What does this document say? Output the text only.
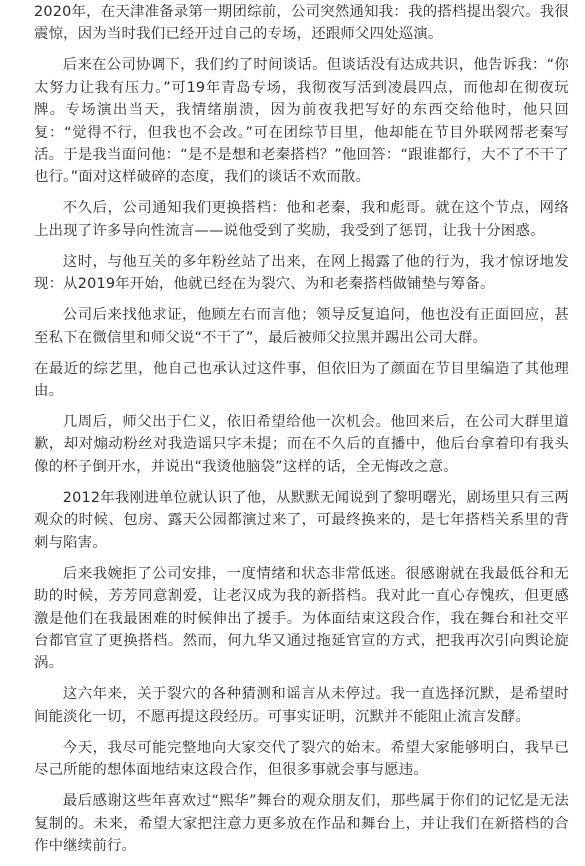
2020年，在天津准备录第一期团综前，公司突然通知我：我的搭档提出裂穴。我很震惊，因为当时我们已经开过自己的专场，还跟师父四处巡演。

后来在公司协调下，我们约了时间谈话。但谈话没有达成共识，他告诉我：“你太努力让我有压力。”可19年青岛专场，我彻夜写活到凌晨四点，而他却在彻夜玩牌。专场演出当天，我情绪崩溃，因为前夜我把写好的东西交给他时，他只回复：“觉得不行，但我也不会改。”可在团综节目里，他却能在节目外联网帮老秦写活。于是我当面问他：“是不是想和老秦搭档？”他回答：“跟谁都行，大不了不干了也行。”面对这样破碎的态度，我们的谈话不欢而散。

不久后，公司通知我们更换搭档：他和老秦，我和彪哥。就在这个节点，网络上出现了许多导向性流言——说他受到了奖励，我受到了惩罚，让我十分困惑。

这时，与他互关的多年粉丝站了出来，在网上揭露了他的行为，我才惊讶地发现：从2019年开始，他就已经在为裂穴、为和老秦搭档做铺垫与筹备。

公司后来找他求证，他顾左右而言他；领导反复追问，他也没有正面回应，甚至私下在微信里和师父说“不干了”，最后被师父拉黑并踢出公司大群。

在最近的综艺里，他自己也承认过这件事，但依旧为了颜面在节目里编造了其他理由。

几周后，师父出于仁义，依旧希望给他一次机会。他回来后，在公司大群里道歉，却对煽动粉丝对我造谣只字未提；而在不久后的直播中，他后台拿着印有我头像的杯子倒开水，并说出“我烫他脑袋”这样的话，全无悔改之意。

2012年我刚进单位就认识了他，从默默无闻说到了黎明曙光，剧场里只有三两观众的时候、包房、露天公园都演过来了，可最终换来的，是七年搭档关系里的背刺与陷害。

后来我婉拒了公司安排，一度情绪和状态非常低迷。很感谢就在我最低谷和无助的时候，芳芳同意割爱，让老汉成为我的新搭档。我对此一直心存愧疚，但更感激是他们在我最困难的时候伸出了援手。为体面结束这段合作，我在舞台和社交平台都官宣了更换搭档。然而，何九华又通过拖延官宣的方式，把我再次引向舆论旋涡。

这六年来，关于裂穴的各种猜测和谣言从未停过。我一直选择沉默，是希望时间能淡化一切，不愿再提这段经历。可事实证明，沉默并不能阻止流言发酵。

今天，我尽可能完整地向大家交代了裂穴的始末。希望大家能够明白，我早已尽己所能的想体面地结束这段合作，但很多事就会事与愿违。

最后感谢这些年喜欢过“熙华”舞台的观众朋友们，那些属于你们的记忆是无法复制的。未来，希望大家把注意力更多放在作品和舞台上，并让我们在新搭档的合作中继续前行。
